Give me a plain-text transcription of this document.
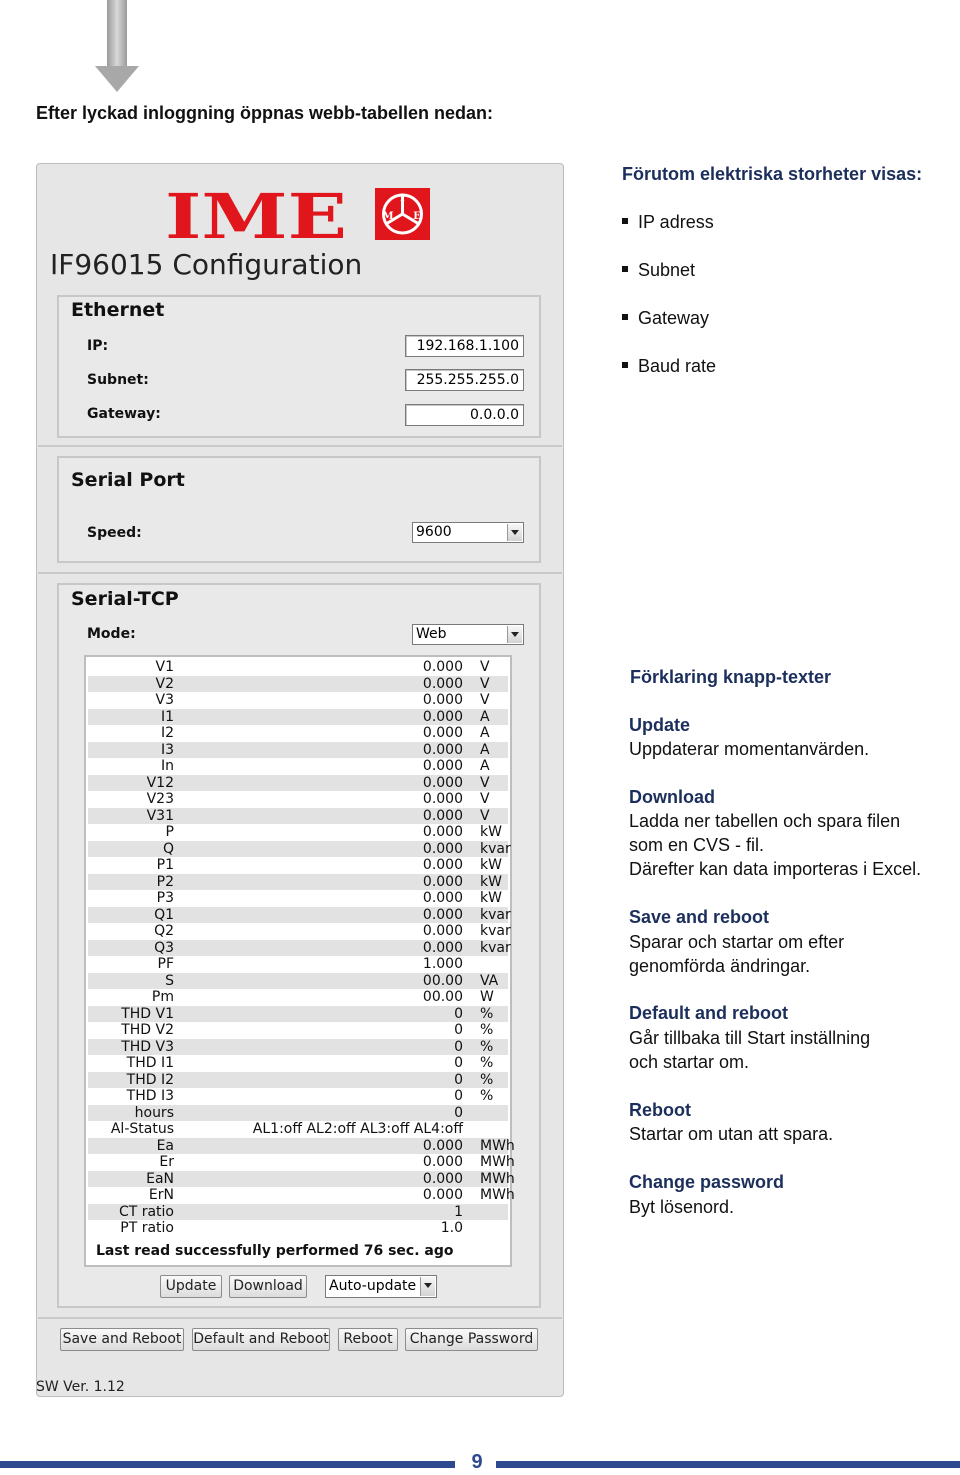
Efter lyckad inloggning öppnas webb-tabellen nedan:
IME	I
M E
IF96015 Configuration
Ethernet
IP:	192.168.1.100
Subnet:	255.255.255.0
Gateway:	0.0.0.0
Serial Port
Speed:	9600
Serial-TCP
Mode:	Web
V1	0.000 V
V2	0.000 V
V3	0.000 V
I1	0.000 A
I2	0.000 A
I3	0.000 A
In	0.000 A
V12	0.000 V
V23	0.000 V
V31	0.000 V
P	0.000 kW
Q	0.000 kvar
P1	0.000 kW
P2	0.000 kW
P3	0.000 kW
Q1	0.000 kvar
Q2	0.000 kvar
Q3	0.000 kvar
PF	1.000
S	00.00 VA
Pm	00.00 W
THD V1	0 %
THD V2	0 %
THD V3	0 %
THD I1	0 %
THD I2	0 %
THD I3	0 %
hours	0
Al-Status	AL1:off AL2:off AL3:off AL4:off
Ea	0.000 MWh
Er	0.000 MWh
EaN	0.000 MWh
ErN	0.000 MWh
CT ratio	1
PT ratio	1.0
Last read successfully performed 76 sec. ago
Update	Download	Auto-update
Save and Reboot Default and Reboot	Reboot	Change Password
SW Ver. 1.12
Förutom elektriska storheter visas:
IP adress
Subnet
Gateway
Baud rate
Förklaring knapp-texter
Update
Uppdaterar momentanvärden.
Download
Ladda ner tabellen och spara filen
som en CVS - fil.
Därefter kan data importeras i Excel.
Save and reboot
Sparar och startar om efter
genomförda ändringar.
Default and reboot
Går tillbaka till Start inställning
och startar om.
Reboot
Startar om utan att spara.
Change password
Byt lösenord.
9
